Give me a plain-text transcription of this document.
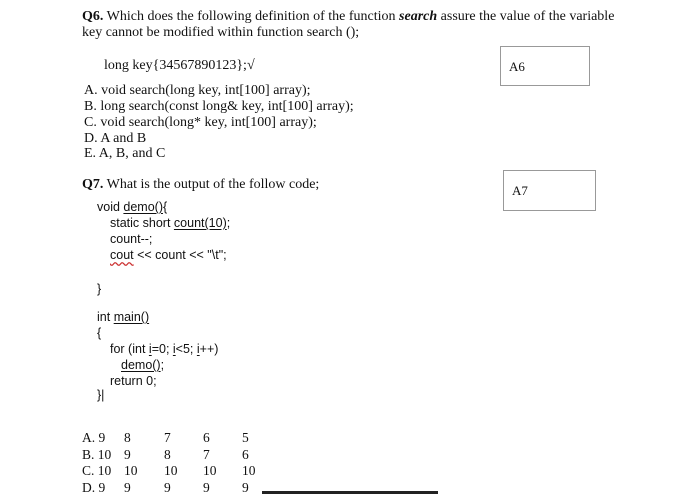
Q6. Which does the following definition of the function search assure the value of the variable
key cannot be modified within function search ();
long key{34567890123};√	A6
A. void search(long key, int[100] array);
B. long search(const long& key, int[100] array);
C. void search(long* key, int[100] array);
D. A and B
E. A, B, and C
Q7. What is the output of the follow code;	A7
void demo(){
static short count(10);
count--;
cout << count << "\t";
}
int main()
{
for (int i=0; i<5; i++)
demo();
return 0;
}|
A. 9 8 7 6 5
B. 10 9 8 7 6
C. 10 10 10 10 10
D. 9 9 9 9 9
